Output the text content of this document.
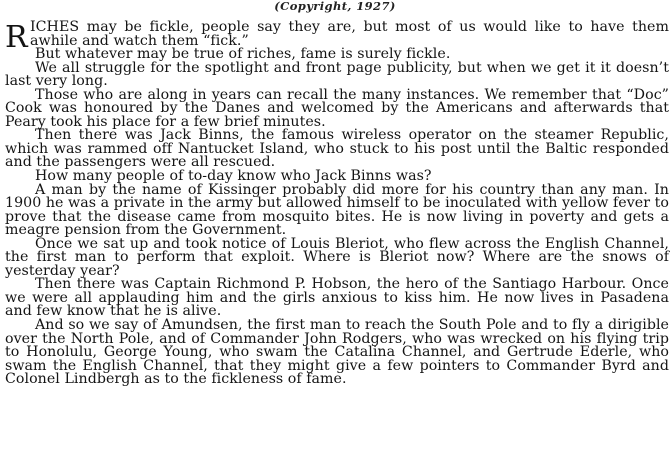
(Copyright, 1927)
R ICHES may be fickle, people say they are, but most of us would like to have them awhile and watch them “fick.”

But whatever may be true of riches, fame is surely fickle.

We all struggle for the spotlight and front page publicity, but when we get it it doesn’t last very long.

Those who are along in years can recall the many instances. We remember that “Doc” Cook was honoured by the Danes and welcomed by the Americans and afterwards that Peary took his place for a few brief minutes.

Then there was Jack Binns, the famous wireless operator on the steamer Republic, which was rammed off Nantucket Island, who stuck to his post until the Baltic responded and the passengers were all rescued.

How many people of to-day know who Jack Binns was?

A man by the name of Kissinger probably did more for his country than any man. In 1900 he was a private in the army but allowed himself to be inoculated with yellow fever to prove that the disease came from mosquito bites. He is now living in poverty and gets a meagre pension from the Government.

Once we sat up and took notice of Louis Bleriot, who flew across the English Channel, the first man to perform that exploit. Where is Bleriot now? Where are the snows of yesterday year?

Then there was Captain Richmond P. Hobson, the hero of the Santiago Harbour. Once we were all applauding him and the girls anxious to kiss him. He now lives in Pasadena and few know that he is alive.

And so we say of Amundsen, the first man to reach the South Pole and to fly a dirigible over the North Pole, and of Commander John Rodgers, who was wrecked on his flying trip to Honolulu, George Young, who swam the Catalina Channel, and Gertrude Ederle, who swam the English Channel, that they might give a few pointers to Commander Byrd and Colonel Lindbergh as to the fickleness of fame.
